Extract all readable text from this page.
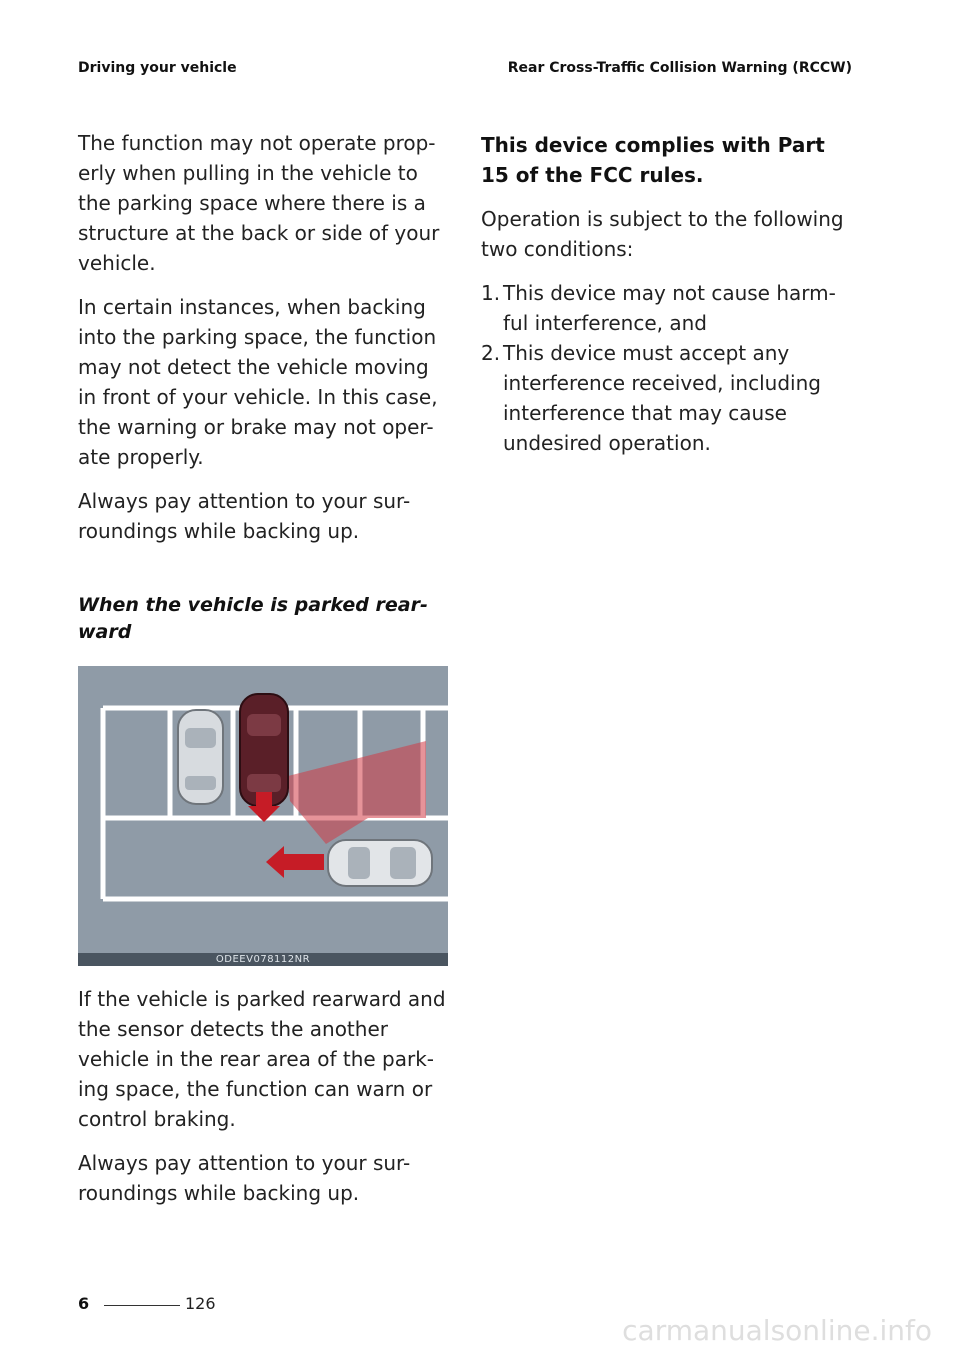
Driving your vehicle	Rear Cross-Traffic Collision Warning (RCCW)

The function may not operate prop-erly when pulling in the vehicle to the parking space where there is a structure at the back or side of your vehicle.

In certain instances, when backing into the parking space, the function may not detect the vehicle moving in front of your vehicle. In this case, the warning or brake may not oper-ate properly.

Always pay attention to your sur-roundings while backing up.

When the vehicle is parked rear-ward
ODEEV078112NR

If the vehicle is parked rearward and the sensor detects the another vehicle in the rear area of the park-ing space, the function can warn or control braking.

Always pay attention to your sur-roundings while backing up.

This device complies with Part 15 of the FCC rules.

Operation is subject to the following two conditions:

1. This device may not cause harm-ful interference, and
2. This device must accept any interference received, including interference that may cause undesired operation.
6	126
carmanualsonline.info
